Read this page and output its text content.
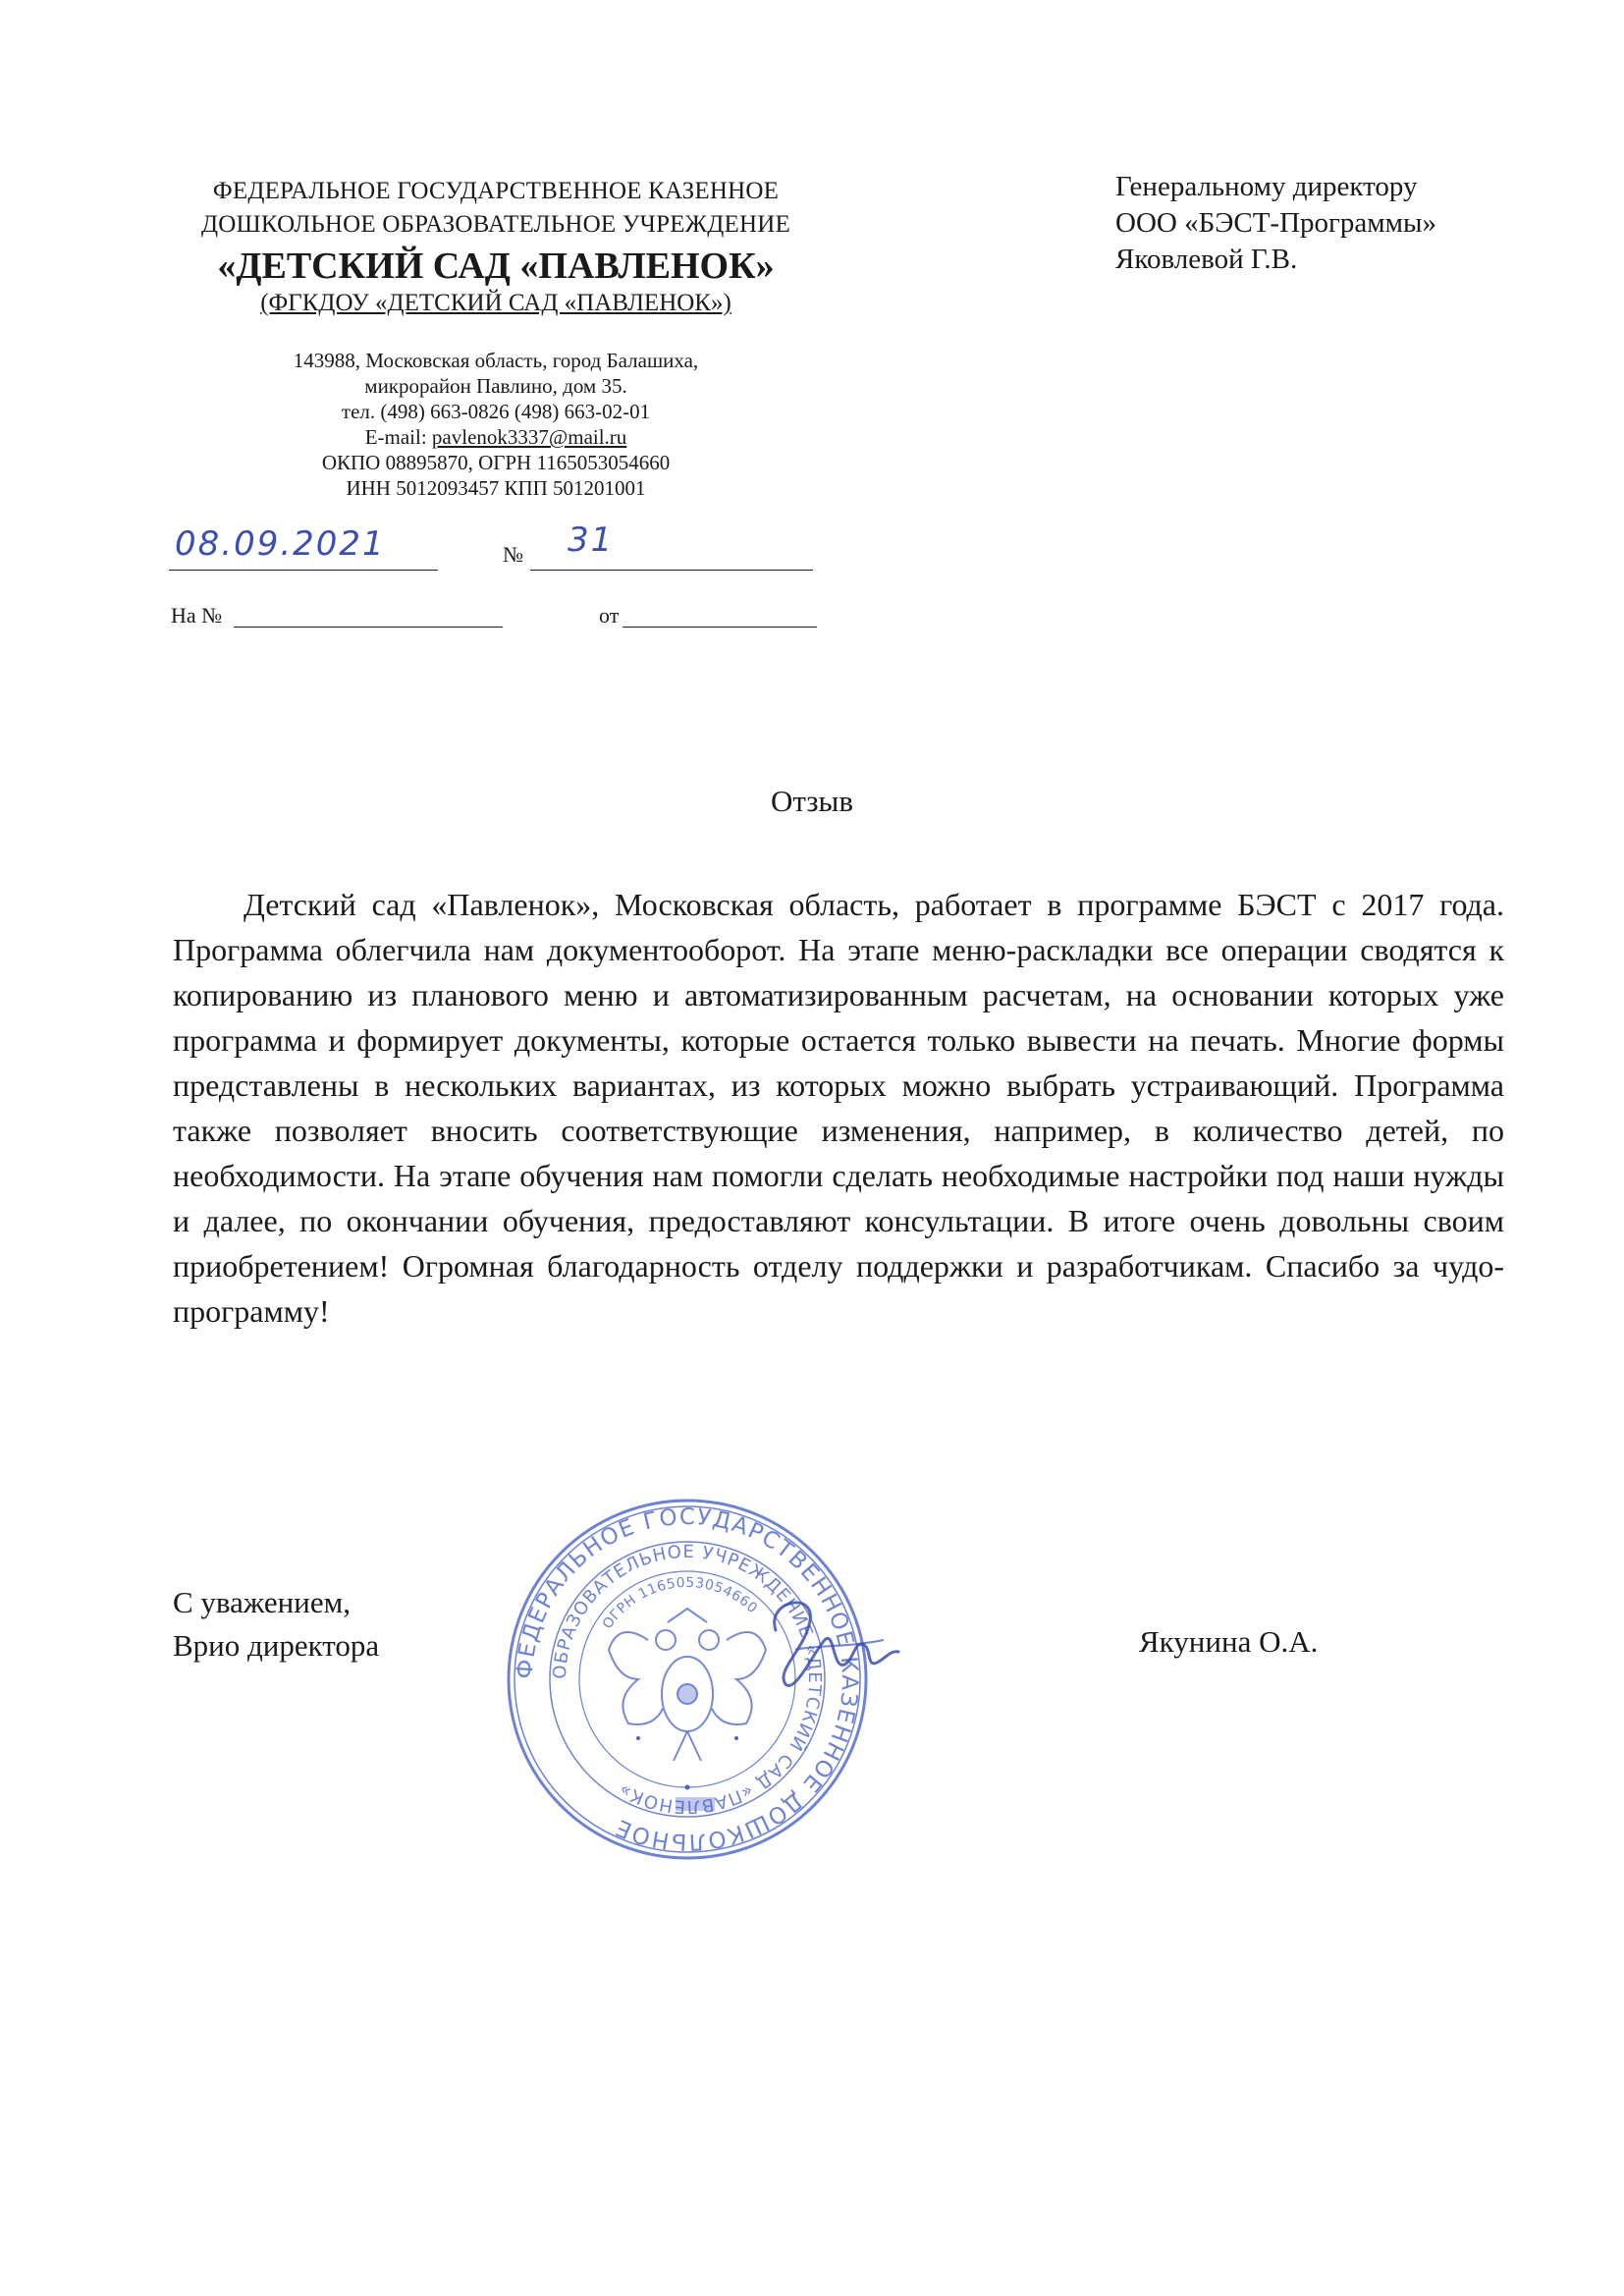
ФЕДЕРАЛЬНОЕ ГОСУДАРСТВЕННОЕ КАЗЕННОЕ
ДОШКОЛЬНОЕ ОБРАЗОВАТЕЛЬНОЕ УЧРЕЖДЕНИЕ
«ДЕТСКИЙ САД «ПАВЛЕНОК»
(ФГКДОУ «ДЕТСКИЙ САД «ПАВЛЕНОК»)
143988, Московская область, город Балашиха,
микрорайон Павлино, дом 35.
тел. (498) 663-0826 (498) 663-02-01
E-mail: pavlenok3337@mail.ru
ОКПО 08895870, ОГРН 1165053054660
ИНН 5012093457 КПП 501201001
08.09.2021	№ 31
На №	от
Генеральному директору
ООО «БЭСТ-Программы»
Яковлевой Г.В.
Отзыв

Детский сад «Павленок», Московская область, работает в программе БЭСТ с 2017 года. Программа облегчила нам документооборот. На этапе меню-раскладки все операции сводятся к копированию из планового меню и автоматизированным расчетам, на основании которых уже программа и формирует документы, которые остается только вывести на печать. Многие формы представлены в нескольких вариантах, из которых можно выбрать устраивающий. Программа также позволяет вносить соответствующие изменения, например, в количество детей, по необходимости. На этапе обучения нам помогли сделать необходимые настройки под наши нужды и далее, по окончании обучения, предоставляют консультации. В итоге очень довольны своим приобретением! Огромная благодарность отделу поддержки и разработчикам. Спасибо за чудо-программу!

С уважением,
Врио директора	Якунина О.А.
ФЕДЕРАЛЬНОЕ ГОСУДАРСТВЕННОЕ КАЗЕННОЕ ДОШКОЛЬНОЕ
ОБРАЗОВАТЕЛЬНОЕ УЧРЕЖДЕНИЕ «ДЕТСКИЙ САД «ПАВЛЕНОК»
ОГРН 1165053054660
